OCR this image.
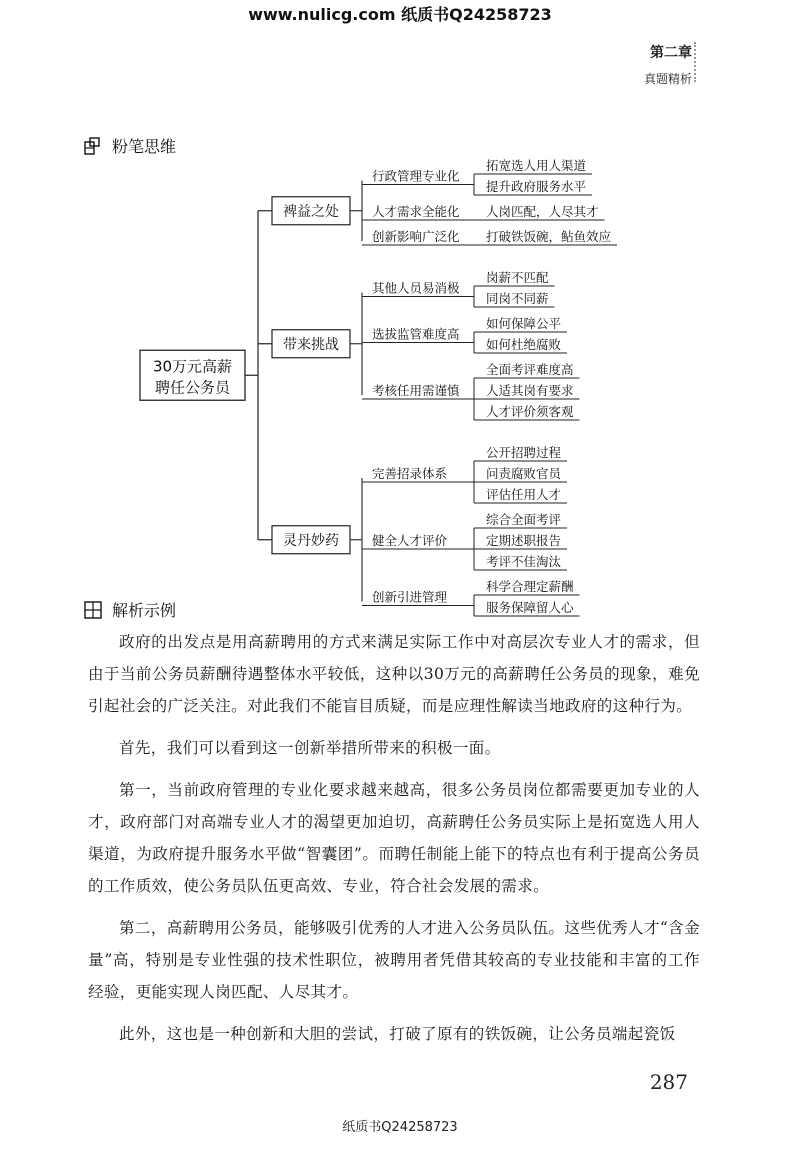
www.nulicg.com 纸质书Q24258723
第二章
真题精析
粉笔思维
30万元高薪
聘任公务员
裨益之处
行政管理专业化
拓宽选人用人渠道
提升政府服务水平
人才需求全能化 人岗匹配，人尽其才
创新影响广泛化 打破铁饭碗，鲇鱼效应
带来挑战
其他人员易消极
岗薪不匹配
同岗不同薪
选拔监管难度高
如何保障公平
如何杜绝腐败
考核任用需谨慎
全面考评难度高
人适其岗有要求
人才评价须客观
灵丹妙药
完善招录体系
公开招聘过程
问责腐败官员
评估任用人才
健全人才评价
综合全面考评
定期述职报告
考评不佳淘汰
创新引进管理
科学合理定薪酬
服务保障留人心
解析示例

政府的出发点是用高薪聘用的方式来满足实际工作中对高层次专业人才的需求，但由于当前公务员薪酬待遇整体水平较低，这种以30万元的高薪聘任公务员的现象，难免引起社会的广泛关注。对此我们不能盲目质疑，而是应理性解读当地政府的这种行为。

首先，我们可以看到这一创新举措所带来的积极一面。

第一，当前政府管理的专业化要求越来越高，很多公务员岗位都需要更加专业的人才，政府部门对高端专业人才的渴望更加迫切，高薪聘任公务员实际上是拓宽选人用人渠道，为政府提升服务水平做“智囊团”。而聘任制能上能下的特点也有利于提高公务员的工作质效，使公务员队伍更高效、专业，符合社会发展的需求。

第二，高薪聘用公务员，能够吸引优秀的人才进入公务员队伍。这些优秀人才“含金量”高，特别是专业性强的技术性职位，被聘用者凭借其较高的专业技能和丰富的工作经验，更能实现人岗匹配、人尽其才。

此外，这也是一种创新和大胆的尝试，打破了原有的铁饭碗，让公务员端起瓷饭

287
纸质书Q24258723
